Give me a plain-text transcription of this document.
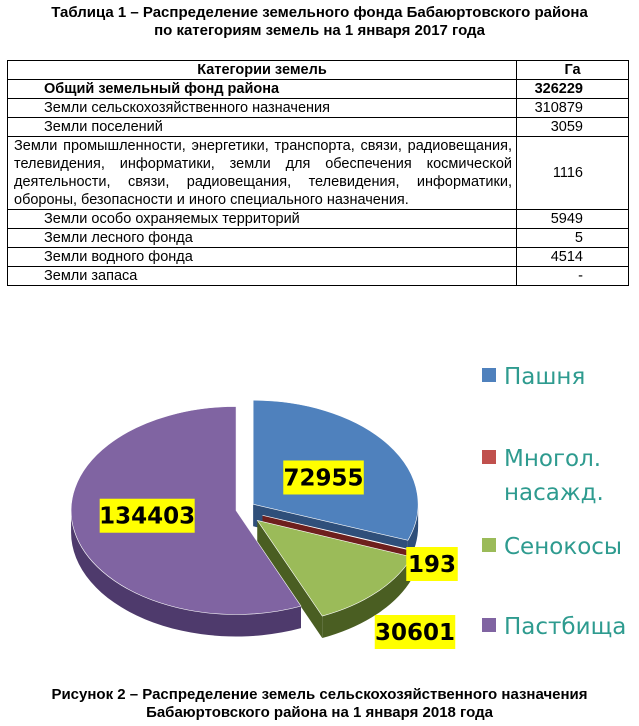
Таблица 1 – Распределение земельного фонда Бабаюртовского района
по категориям земель на 1 января 2017 года
Категории земель	Га
Общий земельный фонд района	326229
Земли сельскохозяйственного назначения	310879
Земли поселений	3059
Земли промышленности, энергетики, транспорта, связи, радиовещания, телевидения, информатики, земли для обеспечения космической деятельности, связи, радиовещания, телевидения, информатики, обороны, безопасности и иного специального назначения.	1116
Земли особо охраняемых территорий	5949
Земли лесного фонда	5
Земли водного фонда	4514
Земли запаса	-
72955
193
30601
134403
Пашня
Многол.
насажд.
Сенокосы
Пастбища
Рисунок 2 – Распределение земель сельскохозяйственного назначения
Бабаюртовского района на 1 января 2018 года
